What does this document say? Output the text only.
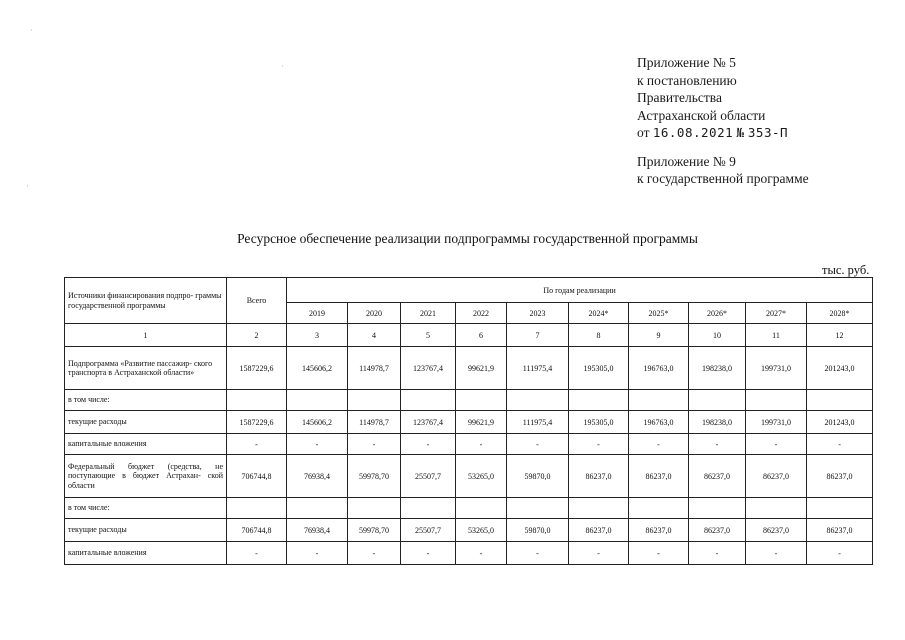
Приложение № 5
к постановлению
Правительства
Астраханской области
от 16.08.2021 № 353-П
Приложение № 9
к государственной программе
Ресурсное обеспечение реализации подпрограммы государственной программы
тыс. руб.
Источники финансирования подпро- граммы государственной программы	Всего	По годам реализации									
		2019	2020	2021	2022	2023	2024*	2025*	2026*	2027*	2028*
1	2	3	4	5	6	7	8	9	10	11	12
Подпрограмма «Развитие пассажир- ского транспорта в Астраханской области»	1587229,6	145606,2	114978,7	123767,4	99621,9	111975,4	195305,0	196763,0	198238,0	199731,0	201243,0
в том числе:											
текущие расходы	1587229,6	145606,2	114978,7	123767,4	99621,9	111975,4	195305,0	196763,0	198238,0	199731,0	201243,0
капитальные вложения	-	-	-	-	-	-	-	-	-	-	-
Федеральный бюджет (средства, не поступающие в бюджет Астрахан- ской области	706744,8	76938,4	59978,70	25507,7	53265,0	59870,0	86237,0	86237,0	86237,0	86237,0	86237,0
в том числе:											
текущие расходы	706744,8	76938,4	59978,70	25507,7	53265,0	59870,0	86237,0	86237,0	86237,0	86237,0	86237,0
капитальные вложения	-	-	-	-	-	-	-	-	-	-	-
·
·
·
